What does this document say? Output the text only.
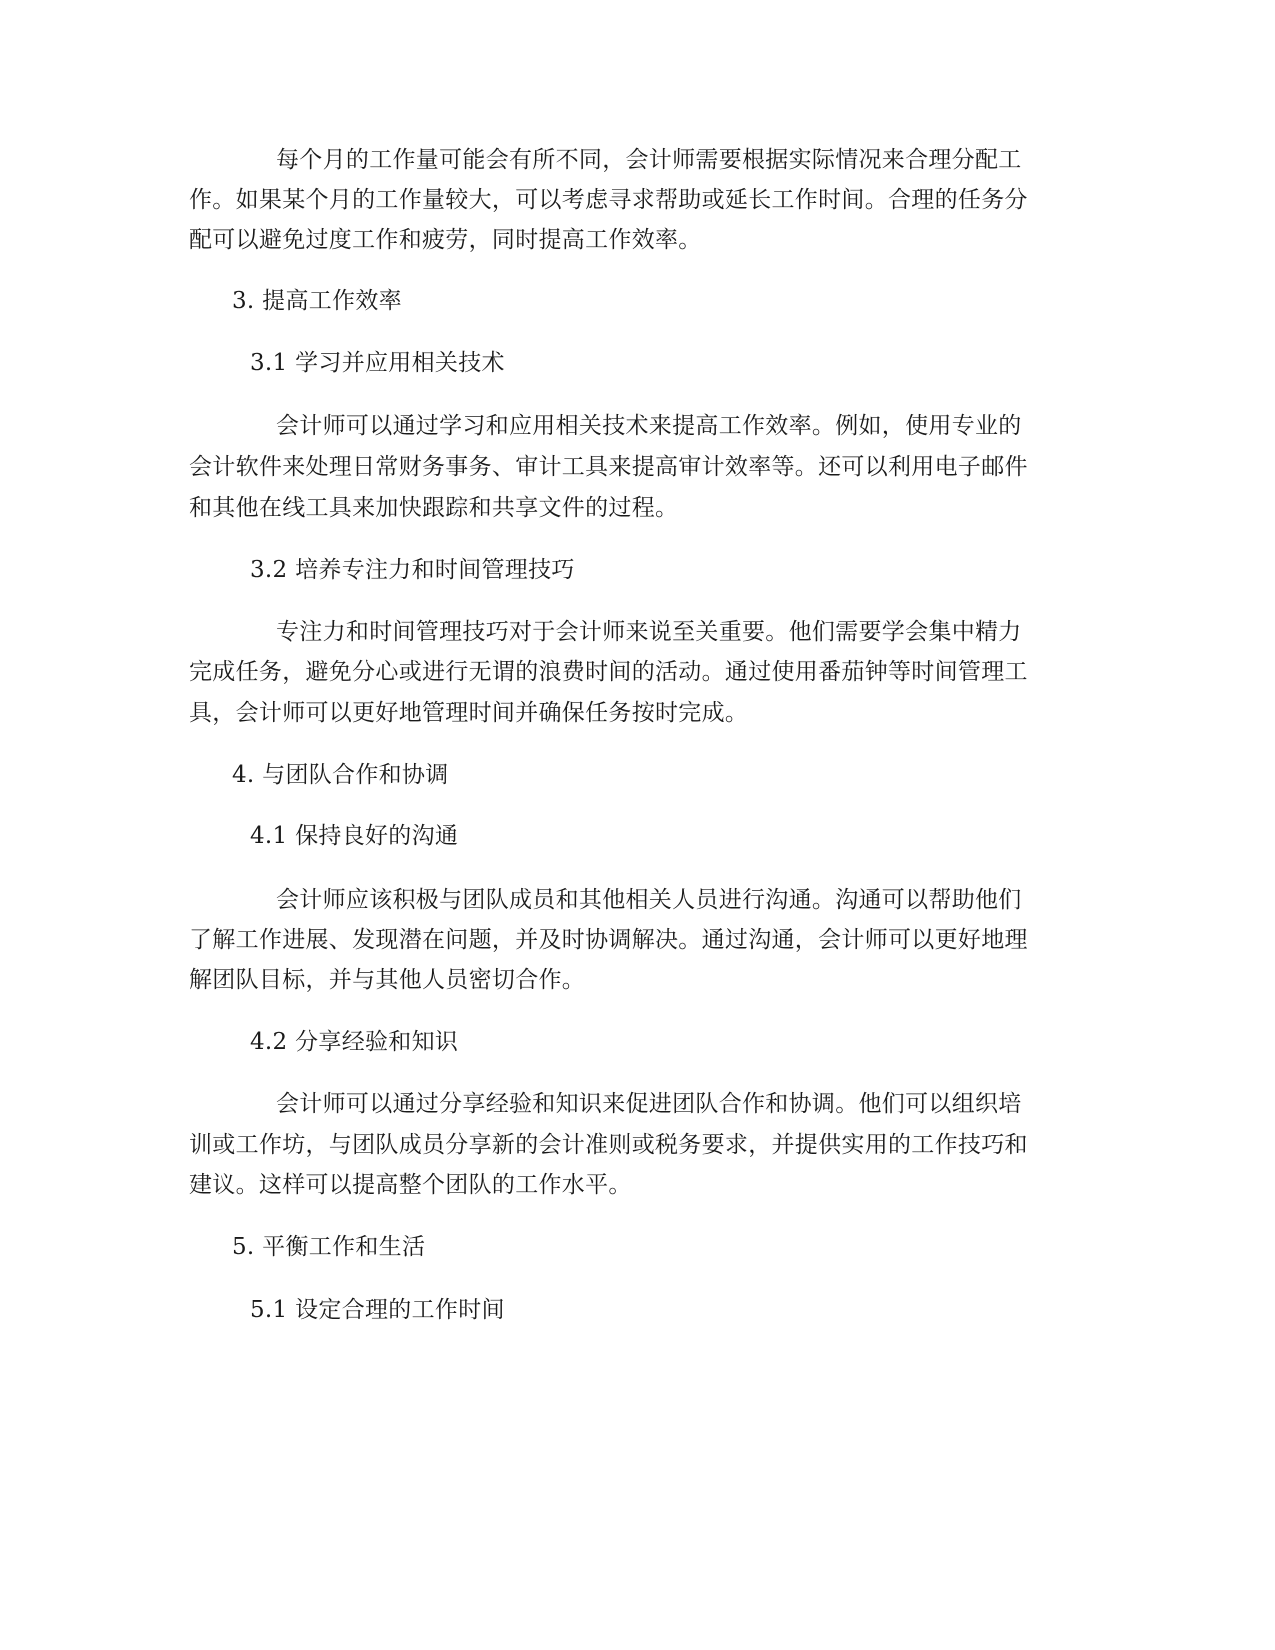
每个月的工作量可能会有所不同，会计师需要根据实际情况来合理分配工
作。如果某个月的工作量较大，可以考虑寻求帮助或延长工作时间。合理的任务分
配可以避免过度工作和疲劳，同时提高工作效率。
3. 提高工作效率
3.1 学习并应用相关技术
会计师可以通过学习和应用相关技术来提高工作效率。例如，使用专业的
会计软件来处理日常财务事务、审计工具来提高审计效率等。还可以利用电子邮件
和其他在线工具来加快跟踪和共享文件的过程。
3.2 培养专注力和时间管理技巧
专注力和时间管理技巧对于会计师来说至关重要。他们需要学会集中精力
完成任务，避免分心或进行无谓的浪费时间的活动。通过使用番茄钟等时间管理工
具，会计师可以更好地管理时间并确保任务按时完成。
4. 与团队合作和协调
4.1 保持良好的沟通
会计师应该积极与团队成员和其他相关人员进行沟通。沟通可以帮助他们
了解工作进展、发现潜在问题，并及时协调解决。通过沟通，会计师可以更好地理
解团队目标，并与其他人员密切合作。
4.2 分享经验和知识
会计师可以通过分享经验和知识来促进团队合作和协调。他们可以组织培
训或工作坊，与团队成员分享新的会计准则或税务要求，并提供实用的工作技巧和
建议。这样可以提高整个团队的工作水平。
5. 平衡工作和生活
5.1 设定合理的工作时间
